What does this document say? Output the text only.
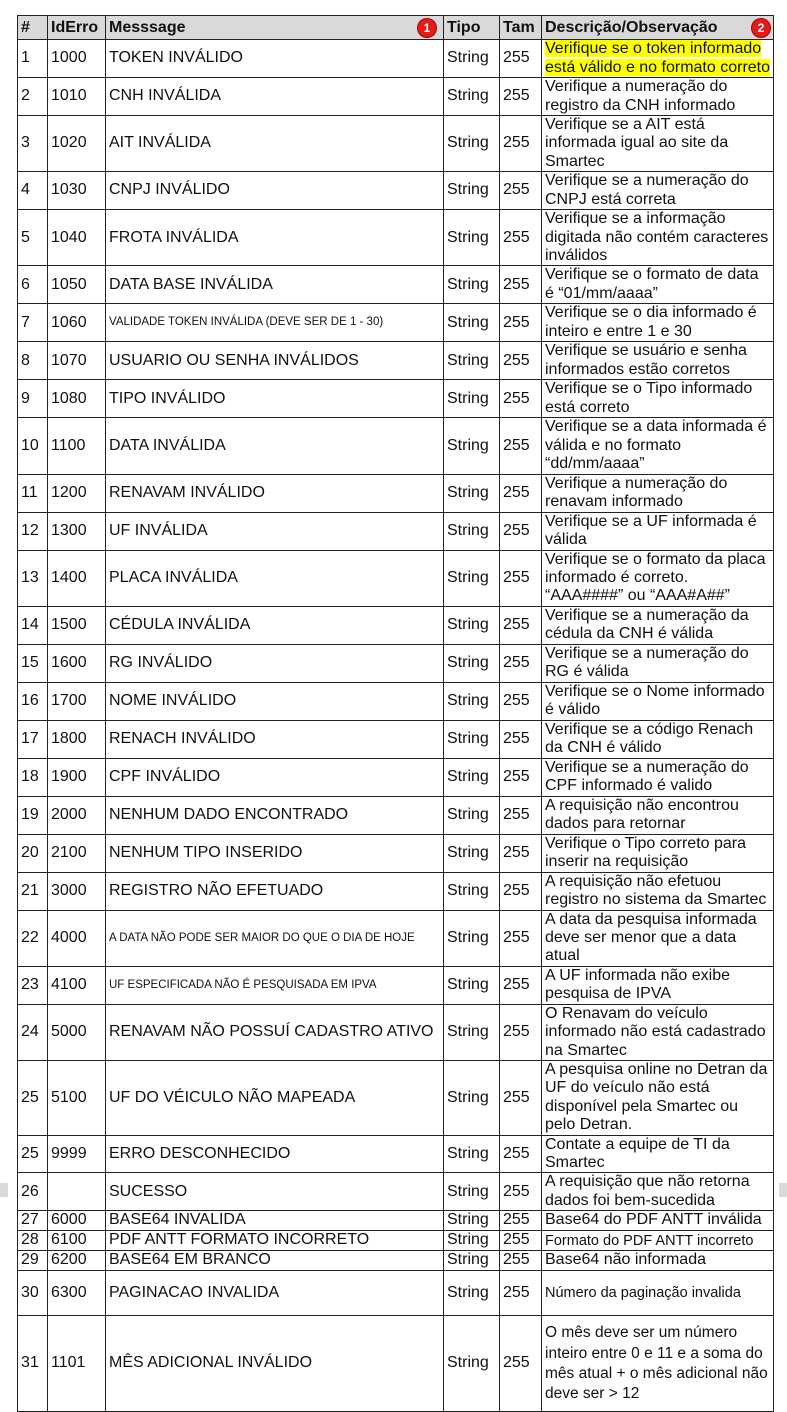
#	IdErro	Messsage 1	Tipo	Tam	Descrição/Observação 2

1	1000	TOKEN INVÁLIDO	String	255	Verifique se o token informado está válido e no formato correto
2	1010	CNH INVÁLIDA	String	255	Verifique a numeração do registro da CNH informado
3	1020	AIT INVÁLIDA	String	255	Verifique se a AIT está informada igual ao site da Smartec
4	1030	CNPJ INVÁLIDO	String	255	Verifique se a numeração do CNPJ está correta
5	1040	FROTA INVÁLIDA	String	255	Verifique se a informação digitada não contém caracteres inválidos
6	1050	DATA BASE INVÁLIDA	String	255	Verifique se o formato de data é “01/mm/aaaa”
7	1060	VALIDADE TOKEN INVÁLIDA (DEVE SER DE 1 - 30)	String	255	Verifique se o dia informado é inteiro e entre 1 e 30
8	1070	USUARIO OU SENHA INVÁLIDOS	String	255	Verifique se usuário e senha informados estão corretos
9	1080	TIPO INVÁLIDO	String	255	Verifique se o Tipo informado está correto
10	1100	DATA INVÁLIDA	String	255	Verifique se a data informada é válida e no formato “dd/mm/aaaa”
11	1200	RENAVAM INVÁLIDO	String	255	Verifique a numeração do renavam informado
12	1300	UF INVÁLIDA	String	255	Verifique se a UF informada é válida
13	1400	PLACA INVÁLIDA	String	255	Verifique se o formato da placa informado é correto. “AAA####” ou “AAA#A##”
14	1500	CÉDULA INVÁLIDA	String	255	Verifique se a numeração da cédula da CNH é válida
15	1600	RG INVÁLIDO	String	255	Verifique se a numeração do RG é válida
16	1700	NOME INVÁLIDO	String	255	Verifique se o Nome informado é válido
17	1800	RENACH INVÁLIDO	String	255	Verifique se a código Renach da CNH é válido
18	1900	CPF INVÁLIDO	String	255	Verifique se a numeração do CPF informado é valido
19	2000	NENHUM DADO ENCONTRADO	String	255	A requisição não encontrou dados para retornar
20	2100	NENHUM TIPO INSERIDO	String	255	Verifique o Tipo correto para inserir na requisição
21	3000	REGISTRO NÃO EFETUADO	String	255	A requisição não efetuou registro no sistema da Smartec
22	4000	A DATA NÃO PODE SER MAIOR DO QUE O DIA DE HOJE	String	255	A data da pesquisa informada deve ser menor que a data atual
23	4100	UF ESPECIFICADA NÃO É PESQUISADA EM IPVA	String	255	A UF informada não exibe pesquisa de IPVA
24	5000	RENAVAM NÃO POSSUÍ CADASTRO ATIVO	String	255	O Renavam do veículo informado não está cadastrado na Smartec
25	5100	UF DO VÉICULO NÃO MAPEADA	String	255	A pesquisa online no Detran da UF do veículo não está disponível pela Smartec ou pelo Detran.
25	9999	ERRO DESCONHECIDO	String	255	Contate a equipe de TI da Smartec
26		SUCESSO	String	255	A requisição que não retorna dados foi bem-sucedida
27	6000	BASE64 INVALIDA	String	255	Base64 do PDF ANTT inválida
28	6100	PDF ANTT FORMATO INCORRETO	String	255	Formato do PDF ANTT incorreto
29	6200	BASE64 EM BRANCO	String	255	Base64 não informada
30	6300	PAGINACAO INVALIDA	String	255	Número da paginação invalida
31	1101	MÊS ADICIONAL INVÁLIDO	String	255	O mês deve ser um número inteiro entre 0 e 11 e a soma do mês atual + o mês adicional não deve ser > 12
